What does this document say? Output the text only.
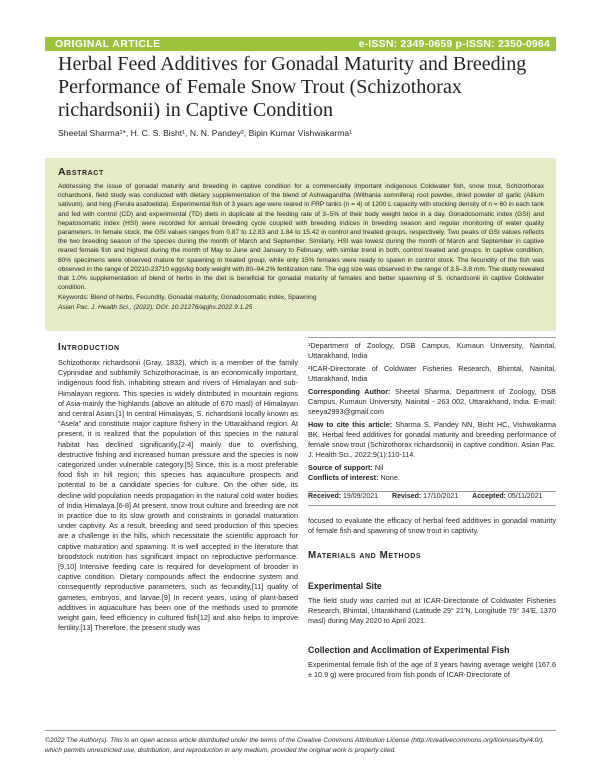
ORIGINAL ARTICLE	e-ISSN: 2349-0659 p-ISSN: 2350-0964
Herbal Feed Additives for Gonadal Maturity and Breeding Performance of Female Snow Trout (Schizothorax richardsonii) in Captive Condition
Sheetal Sharma¹*, H. C. S. Bisht¹, N. N. Pandey², Bipin Kumar Vishwakarma¹
Abstract
Addressing the issue of gonadal maturity and breeding in captive condition for a commercially important indigenous Coldwater fish, snow trout, Schizothorax richardsonii, field study was conducted with dietary supplementation of the blend of Ashwagandha (Withania somnifera) root powder, dried powder of garlic (Allium sativum), and hing (Ferula asafoetida). Experimental fish of 3 years age were reared in FRP tanks (n = 4) of 1200 L capacity with stocking density of n = 60 in each tank and fed with control (CD) and experimental (TD) diets in duplicate at the feeding rate of 3–5% of their body weight twice in a day. Gonadosomatic index (GSI) and hepatosomatic index (HSI) were recorded for annual breeding cycle coupled with breeding indices in breeding season and regular monitoring of water quality parameters. In female stock, the GSI values ranges from 0.87 to 12.83 and 1.84 to 15.42 in control and treated groups, respectively. Two peaks of GSI values reflects the two breeding season of the species during the month of March and September. Similarly, HSI was lowest during the month of March and September in captive reared female fish and highest during the month of May to June and January to February, with similar trend in both, control treated and groups. In captive condition, 80% specimens were observed mature for spawning in treated group, while only 15% females were ready to spawn in control stock. The fecundity of the fish was observed in the range of 20210-23710 eggs/kg body weight with 80–94.2% fertilization rate. The egg size was observed in the range of 3.5–3.8 mm. The study revealed that 1.0% supplementation of blend of herbs in the diet is beneficial for gonadal maturity of females and better spawning of S. richardsonii in captive Coldwater condition.
Keywords: Blend of herbs, Fecundity, Gonadal maturity, Gonadosomatic index, Spawning
Asian Pac. J. Health Sci., (2022); DOI: 10.21276/apjhs.2022.9.1.25
Introduction

Schizothorax richardsonii (Gray, 1832), which is a member of the family Cyprinidae and subfamily Schizothoracinae, is an economically important, indigenous food fish, inhabiting stream and rivers of Himalayan and sub-Himalayan regions. This species is widely distributed in mountain regions of Asia-mainly the highlands (above an altitude of 670 masl) of Himalayan and central Asian.[1] In central Himalayas, S. richardsonii locally known as "Asela" and constitute major capture fishery in the Uttarakhand region. At present, it is realized that the population of this species in the natural habitat has declined significantly,[2-4] mainly due to overfishing, destructive fishing and increased human pressure and the species is now categorized under vulnerable category.[5] Since, this is a most preferable food fish in hill region; this species has aquaculture prospects and potential to be a candidate species for culture. On the other side, its decline wild population needs propagation in the natural cold water bodies of India Himalaya.[6-8] At present, snow trout culture and breeding are not in practice due to its slow growth and constraints in gonadal maturation under captivity. As a result, breeding and seed production of this species are a challenge in the hills, which necessitate the scientific approach for captive maturation and spawning. It is well accepted in the literature that broodstock nutrition has significant impact on reproductive performance.[9,10] Intensive feeding care is required for development of brooder in captive condition. Dietary compounds affect the endocrine system and consequently reproductive parameters, such as fecundity,[11] quality of gametes, embryos, and larvae.[9] In recent years, using of plant-based additives in aquaculture has been one of the methods used to promote weight gain, feed efficiency in cultured fish[12] and also helps to improve fertility.[13] Therefore, the present study was

¹Department of Zoology, DSB Campus, Kumaun University, Nainital, Uttarakhand, India

²ICAR-Directorate of Coldwater Fisheries Research, Bhimtal, Nainital, Uttarakhand, India

Corresponding Author: Sheetal Sharma, Department of Zoology, DSB Campus, Kumaun University, Nainital - 263 002, Uttarakhand, India. E-mail: seeya2993@gmail.com

How to cite this article: Sharma S, Pandey NN, Bisht HC, Vishwakarma BK. Herbal feed additives for gonadal maturity and breeding performance of female snow trout (Schizothorax richardsonii) in captive condition. Asian Pac. J. Health Sci., 2022;9(1):110-114.

Source of support: Nil

Conflicts of interest: None.

Received: 19/09/2021 Revised: 17/10/2021 Accepted: 05/11/2021
focused to evaluate the efficacy of herbal feed additives in gonadal maturity of female fish and spawning of snow trout in captivity.
Materials and Methods
Experimental Site
The field study was carried out at ICAR-Directorate of Coldwater Fisheries Research, Bhimtal, Uttarakhand (Latitude 29° 21′N, Longitude 79° 34′E, 1370 masl) during May 2020 to April 2021.
Collection and Acclimation of Experimental Fish
Experimental female fish of the age of 3 years having average weight (167.6 ± 10.9 g) were procured from fish ponds of ICAR-Directorate of
©2022 The Author(s). This is an open access article distributed under the terms of the Creative Commons Attribution License (http://creativecommons.org/licenses/by/4.0/), which permits unrestricted use, distribution, and reproduction in any medium, provided the original work is properly cited.
